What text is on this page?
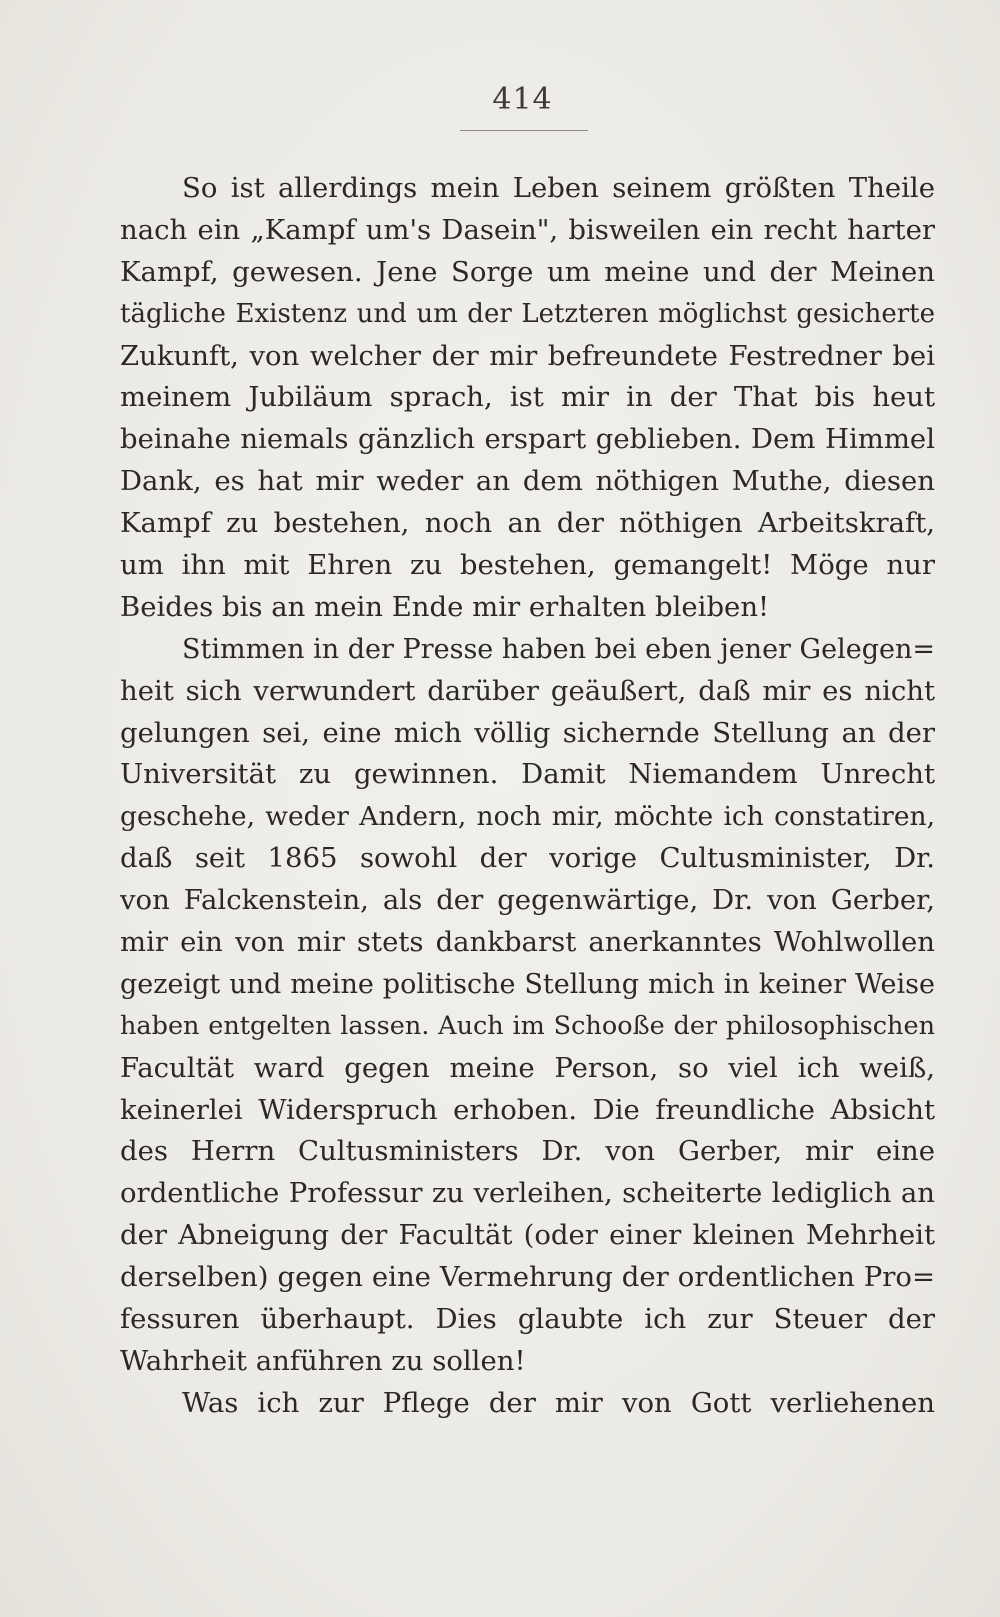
414
So ist allerdings mein Leben seinem größten Theile
nach ein „Kampf um's Dasein", bisweilen ein recht harter
Kampf, gewesen. Jene Sorge um meine und der Meinen
tägliche Existenz und um der Letzteren möglichst gesicherte
Zukunft, von welcher der mir befreundete Festredner bei
meinem Jubiläum sprach, ist mir in der That bis heut
beinahe niemals gänzlich erspart geblieben. Dem Himmel
Dank, es hat mir weder an dem nöthigen Muthe, diesen
Kampf zu bestehen, noch an der nöthigen Arbeitskraft,
um ihn mit Ehren zu bestehen, gemangelt! Möge nur
Beides bis an mein Ende mir erhalten bleiben!
Stimmen in der Presse haben bei eben jener Gelegen=
heit sich verwundert darüber geäußert, daß mir es nicht
gelungen sei, eine mich völlig sichernde Stellung an der
Universität zu gewinnen. Damit Niemandem Unrecht
geschehe, weder Andern, noch mir, möchte ich constatiren,
daß seit 1865 sowohl der vorige Cultusminister, Dr.
von Falckenstein, als der gegenwärtige, Dr. von Gerber,
mir ein von mir stets dankbarst anerkanntes Wohlwollen
gezeigt und meine politische Stellung mich in keiner Weise
haben entgelten lassen. Auch im Schooße der philosophischen
Facultät ward gegen meine Person, so viel ich weiß,
keinerlei Widerspruch erhoben. Die freundliche Absicht
des Herrn Cultusministers Dr. von Gerber, mir eine
ordentliche Professur zu verleihen, scheiterte lediglich an
der Abneigung der Facultät (oder einer kleinen Mehrheit
derselben) gegen eine Vermehrung der ordentlichen Pro=
fessuren überhaupt. Dies glaubte ich zur Steuer der
Wahrheit anführen zu sollen!
Was ich zur Pflege der mir von Gott verliehenen
